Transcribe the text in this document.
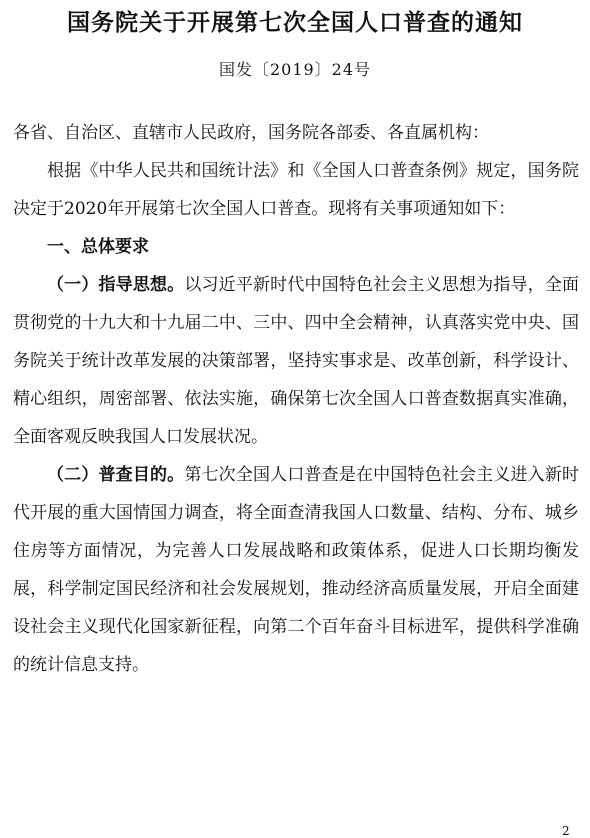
国务院关于开展第七次全国人口普查的通知
国发〔2019〕24号

各省、自治区、直辖市人民政府，国务院各部委、各直属机构：

根据《中华人民共和国统计法》和《全国人口普查条例》规定，国务院决定于2020年开展第七次全国人口普查。现将有关事项通知如下：

一、总体要求

（一）指导思想。以习近平新时代中国特色社会主义思想为指导，全面贯彻党的十九大和十九届二中、三中、四中全会精神，认真落实党中央、国务院关于统计改革发展的决策部署，坚持实事求是、改革创新，科学设计、精心组织，周密部署、依法实施，确保第七次全国人口普查数据真实准确，全面客观反映我国人口发展状况。

（二）普查目的。第七次全国人口普查是在中国特色社会主义进入新时代开展的重大国情国力调查，将全面查清我国人口数量、结构、分布、城乡住房等方面情况，为完善人口发展战略和政策体系，促进人口长期均衡发展，科学制定国民经济和社会发展规划，推动经济高质量发展，开启全面建设社会主义现代化国家新征程，向第二个百年奋斗目标进军，提供科学准确的统计信息支持。

2
